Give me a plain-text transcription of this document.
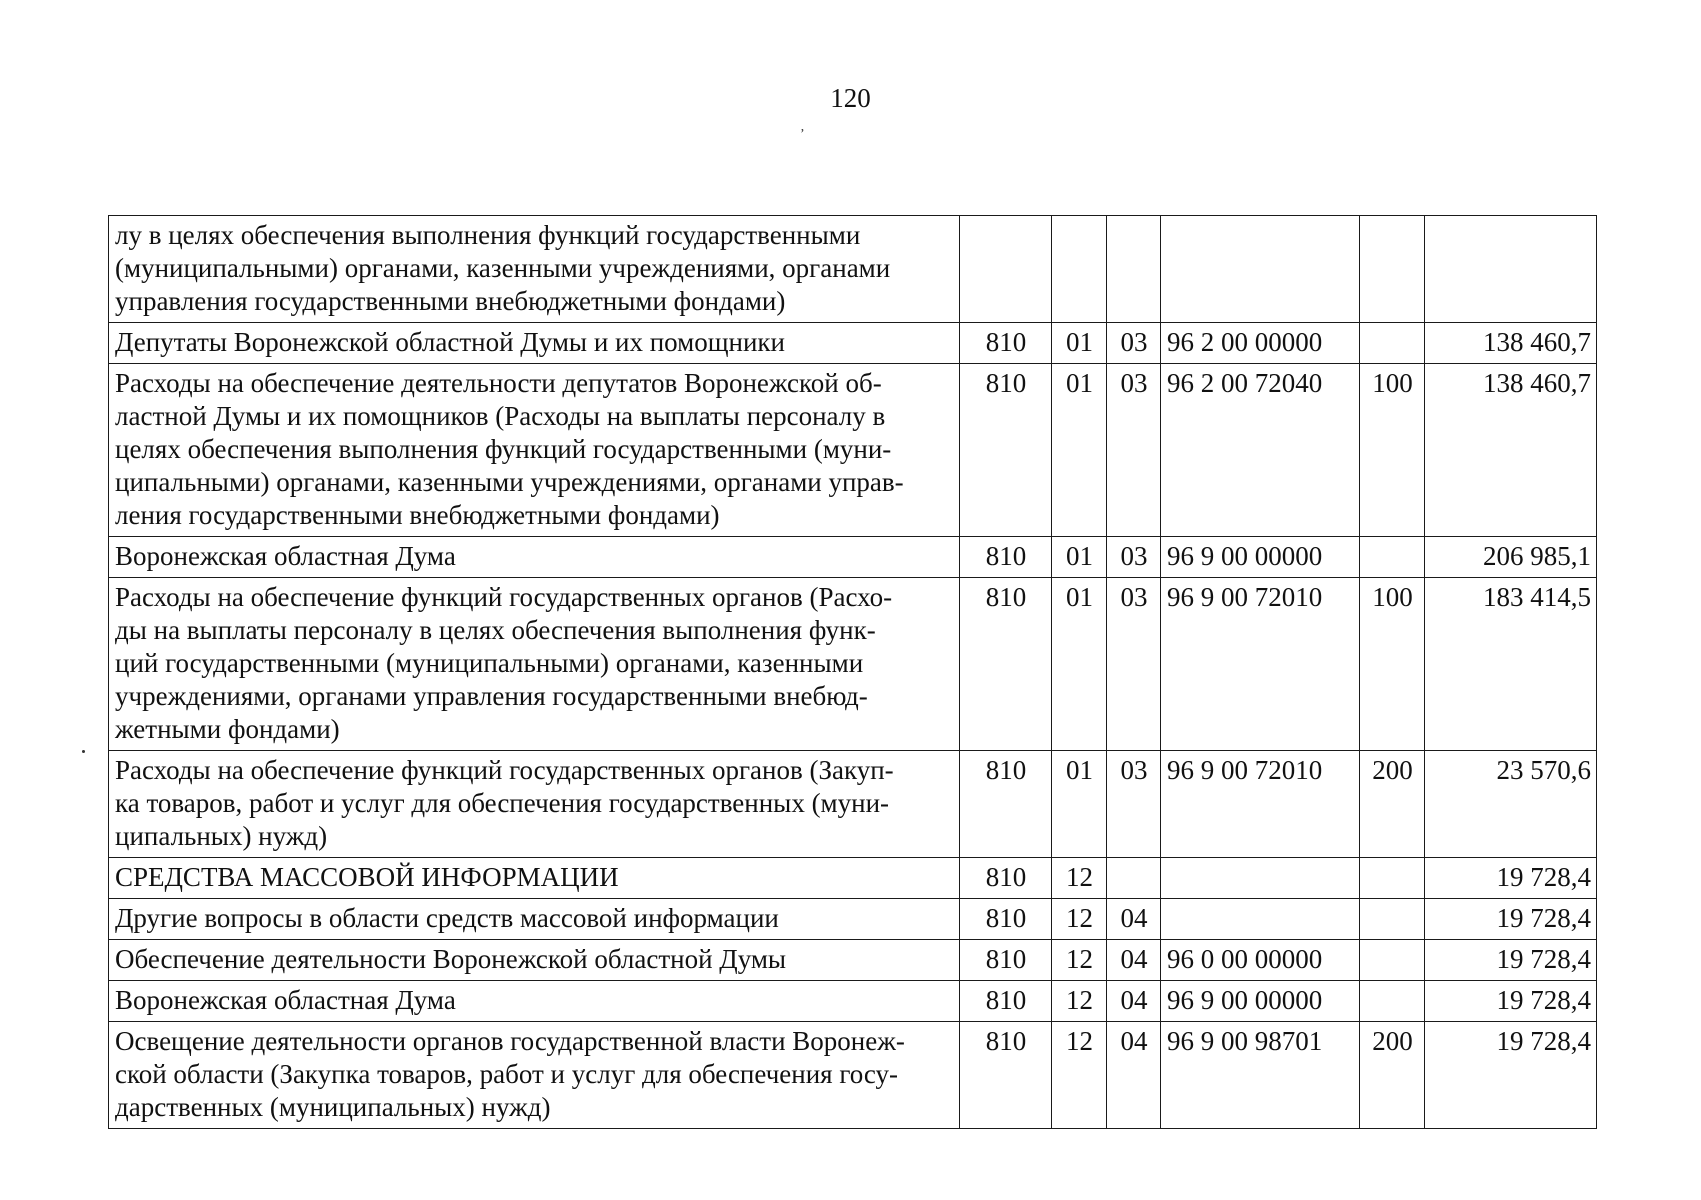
120
’
лу в целях обеспечения выполнения функций государственными
(муниципальными) органами, казенными учреждениями, органами
управления государственными внебюджетными фондами)						

Депутаты Воронежской областной Думы и их помощники	810	01	03	96 2 00 00000		138 460,7

Расходы на обеспечение деятельности депутатов Воронежской об-
ластной Думы и их помощников (Расходы на выплаты персоналу в
целях обеспечения выполнения функций государственными (муни-
ципальными) органами, казенными учреждениями, органами управ-
ления государственными внебюджетными фондами)	810	01	03	96 2 00 72040	100	138 460,7

Воронежская областная Дума	810	01	03	96 9 00 00000		206 985,1

Расходы на обеспечение функций государственных органов (Расхо-
ды на выплаты персоналу в целях обеспечения выполнения функ-
ций государственными (муниципальными) органами, казенными
учреждениями, органами управления государственными внебюд-
жетными фондами)	810	01	03	96 9 00 72010	100	183 414,5

Расходы на обеспечение функций государственных органов (Закуп-
ка товаров, работ и услуг для обеспечения государственных (муни-
ципальных) нужд)	810	01	03	96 9 00 72010	200	23 570,6

СРЕДСТВА МАССОВОЙ ИНФОРМАЦИИ	810	12				19 728,4

Другие вопросы в области средств массовой информации	810	12	04			19 728,4

Обеспечение деятельности Воронежской областной Думы	810	12	04	96 0 00 00000		19 728,4

Воронежская областная Дума	810	12	04	96 9 00 00000		19 728,4

Освещение деятельности органов государственной власти Воронеж-
ской области (Закупка товаров, работ и услуг для обеспечения госу-
дарственных (муниципальных) нужд)	810	12	04	96 9 00 98701	200	19 728,4
